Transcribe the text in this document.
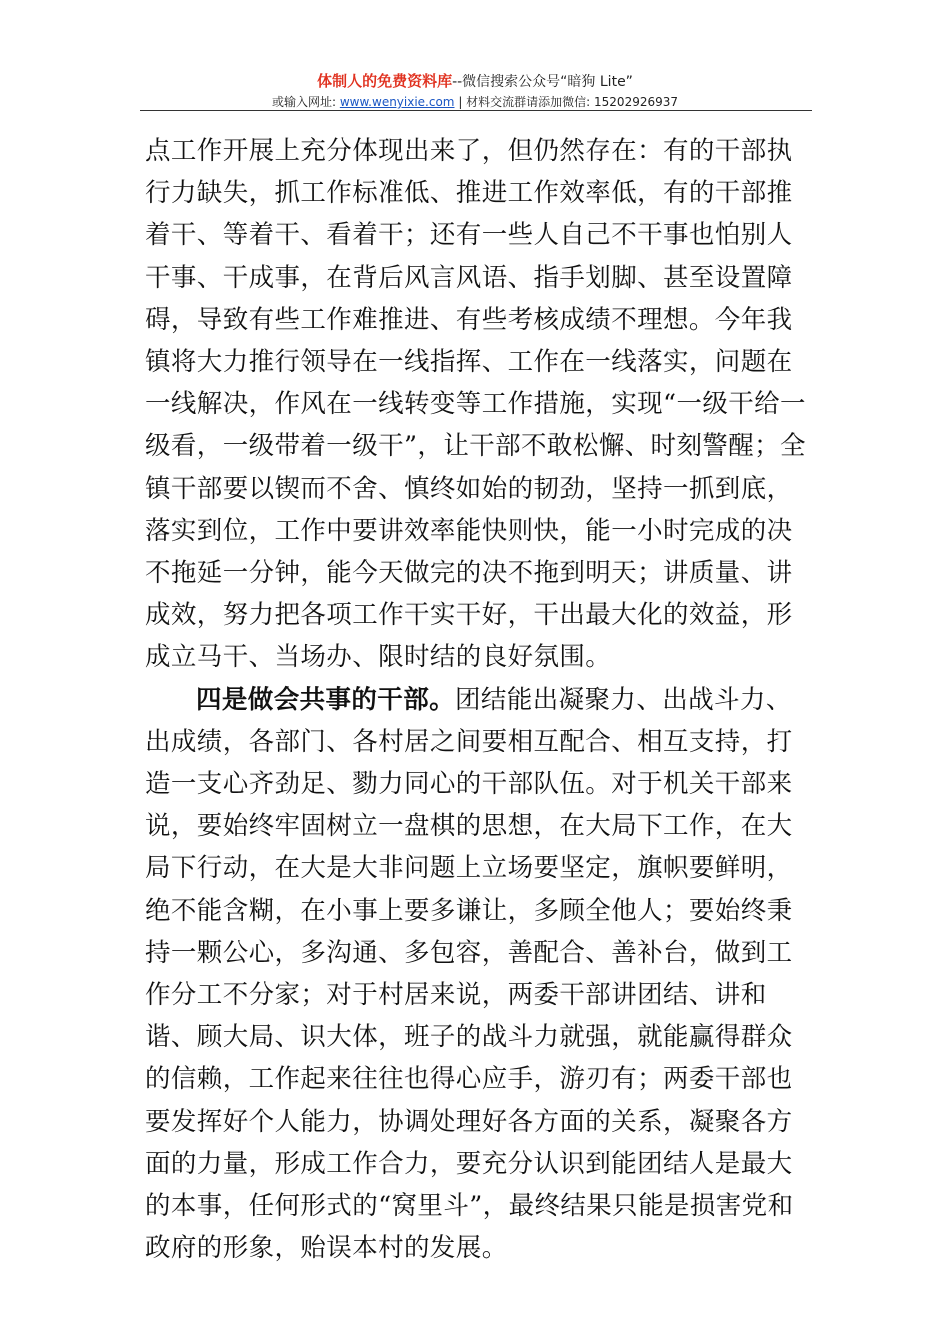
体制人的免费资料库--微信搜索公众号“暗狗 Lite”
或输入网址: www.wenyixie.com | 材料交流群请添加微信: 15202926937

点工作开展上充分体现出来了，但仍然存在：有的干部执行力缺失，抓工作标准低、推进工作效率低，有的干部推着干、等着干、看着干；还有一些人自己不干事也怕别人干事、干成事，在背后风言风语、指手划脚、甚至设置障碍，导致有些工作难推进、有些考核成绩不理想。今年我镇将大力推行领导在一线指挥、工作在一线落实，问题在一线解决，作风在一线转变等工作措施，实现“一级干给一级看，一级带着一级干”，让干部不敢松懈、时刻警醒；全镇干部要以锲而不舍、慎终如始的韧劲，坚持一抓到底，落实到位，工作中要讲效率能快则快，能一小时完成的决不拖延一分钟，能今天做完的决不拖到明天；讲质量、讲成效，努力把各项工作干实干好，干出最大化的效益，形成立马干、当场办、限时结的良好氛围。

四是做会共事的干部。团结能出凝聚力、出战斗力、出成绩，各部门、各村居之间要相互配合、相互支持，打造一支心齐劲足、勠力同心的干部队伍。对于机关干部来说，要始终牢固树立一盘棋的思想，在大局下工作，在大局下行动，在大是大非问题上立场要坚定，旗帜要鲜明，绝不能含糊，在小事上要多谦让，多顾全他人；要始终秉持一颗公心，多沟通、多包容，善配合、善补台，做到工作分工不分家；对于村居来说，两委干部讲团结、讲和谐、顾大局、识大体，班子的战斗力就强，就能赢得群众的信赖，工作起来往往也得心应手，游刃有；两委干部也要发挥好个人能力，协调处理好各方面的关系，凝聚各方面的力量，形成工作合力，要充分认识到能团结人是最大的本事，任何形式的“窝里斗”，最终结果只能是损害党和政府的形象，贻误本村的发展。
